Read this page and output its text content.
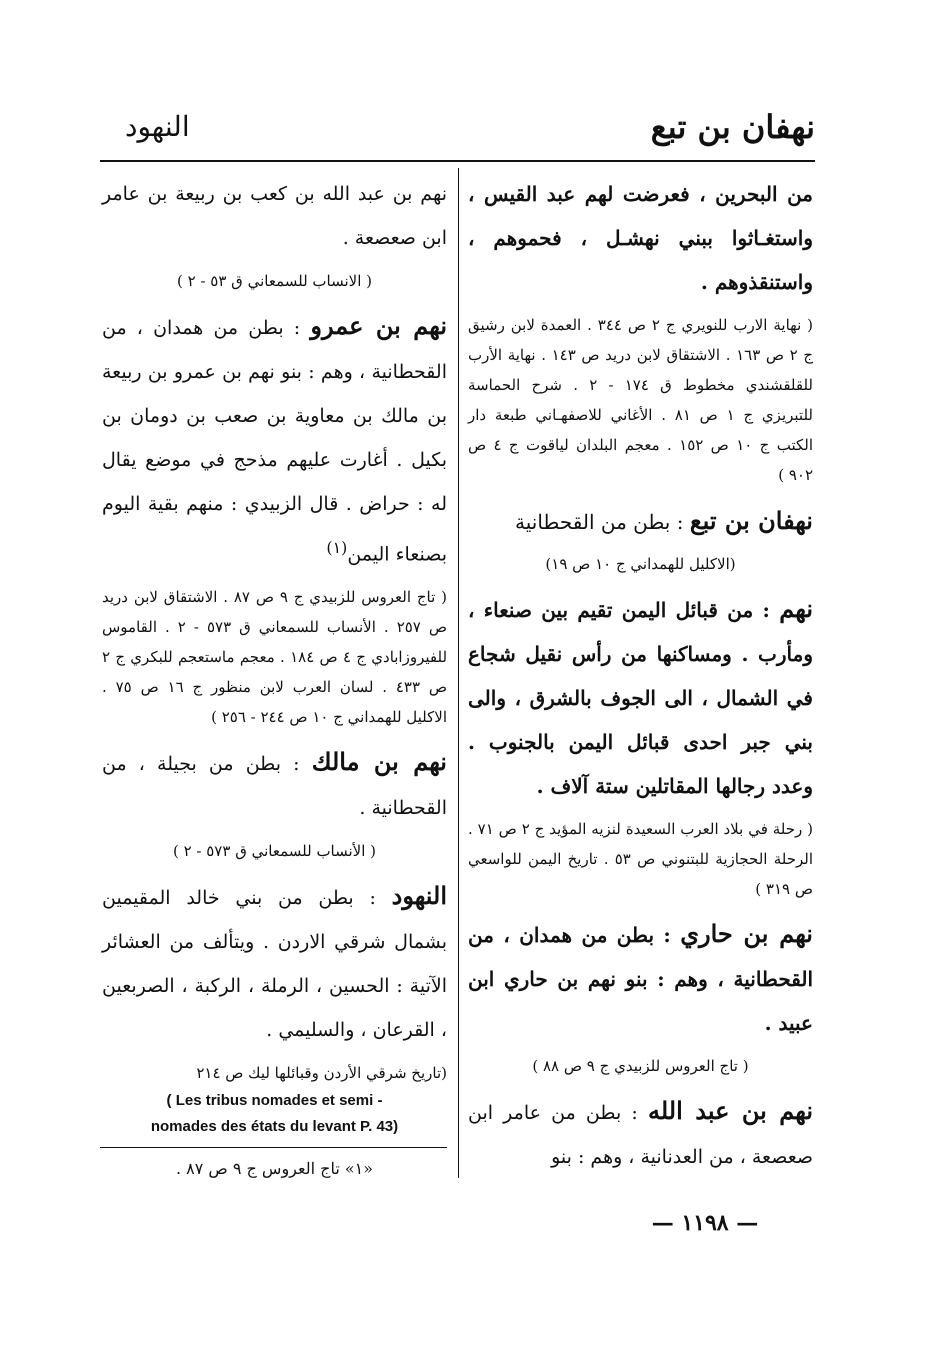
نهفان بن تبع
النهود

من البحرين ، فعرضت لهم عبد القيس ، واستغـاثوا ببني نهشـل ، فحموهم ، واستنقذوهم .

( نهاية الارب للنويري ج ٢ ص ٣٤٤ . العمدة لابن رشيق ج ٢ ص ١٦٣ . الاشتقاق لابن دريد ص ١٤٣ . نهاية الأرب للقلقشندي مخطوط ق ١٧٤ - ٢ . شرح الحماسة للتبريزي ج ١ ص ٨١ . الأغاني للاصفهـاني طبعة دار الكتب ج ١٠ ص ١٥٢ . معجم البلدان لياقوت ج ٤ ص ٩٠٢ )

نهفان بن تبع : بطن من القحطانية

(الاكليل للهمداني ج ١٠ ص ١٩)

نهم : من قبائل اليمن تقيم بين صنعاء ، ومأرب . ومساكنها من رأس نقيل شجاع في الشمال ، الى الجوف بالشرق ، والى بني جبر احدى قبائل اليمن بالجنوب . وعدد رجالها المقاتلين ستة آلاف .

( رحلة في بلاد العرب السعيدة لنزيه المؤيد ج ٢ ص ٧١ . الرحلة الحجازية للبتنوني ص ٥٣ . تاريخ اليمن للواسعي ص ٣١٩ )

نهم بن حاري : بطن من همدان ، من القحطانية ، وهم : بنو نهم بن حاري ابن عبيد .

( تاج العروس للزبيدي ج ٩ ص ٨٨ )

نهم بن عبد الله : بطن من عامر ابن صعصعة ، من العدنانية ، وهم : بنو

نهم بن عبد الله بن كعب بن ربيعة بن عامر ابن صعصعة .

( الانساب للسمعاني ق ٥٣ - ٢ )

نهم بن عمرو : بطن من همدان ، من القحطانية ، وهم : بنو نهم بن عمرو بن ربيعة بن مالك بن معاوية بن صعب بن دومان بن بكيل . أغارت عليهم مذحج في موضع يقال له : حراض . قال الزبيدي : منهم بقية اليوم بصنعاء اليمن$^{(١)}$

( تاج العروس للزبيدي ج ٩ ص ٨٧ . الاشتقاق لابن دريد ص ٢٥٧ . الأنساب للسمعاني ق ٥٧٣ - ٢ . القاموس للفيروزابادي ج ٤ ص ١٨٤ . معجم ماستعجم للبكري ج ٢ ص ٤٣٣ . لسان العرب لابن منظور ج ١٦ ص ٧٥ . الاكليل للهمداني ج ١٠ ص ٢٤٤ - ٢٥٦ )

نهم بن مالك : بطن من بجيلة ، من القحطانية .

( الأنساب للسمعاني ق ٥٧٣ - ٢ )

النهود : بطن من بني خالد المقيمين بشمال شرقي الاردن . ويتألف من العشائر الآتية : الحسين ، الرملة ، الركبة ، الصربعين ، القرعان ، والسليمي .

(تاريخ شرقي الأردن وقبائلها ليك ص ٢١٤

( Les tribus nomades et semi -

nomades des états du levant P. 43)

«١» تاج العروس ج ٩ ص ٨٧ .
— ١١٩٨ —
